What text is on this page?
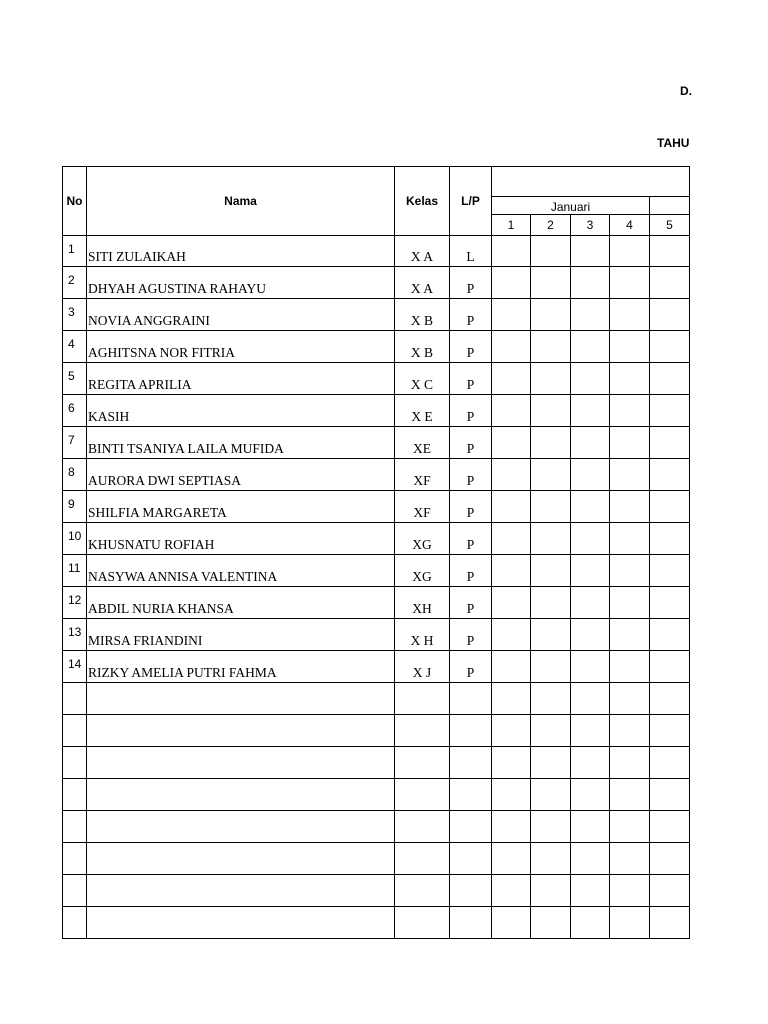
D.
TAHU
No	Nama	Kelas	L/P					
				Januari				
				1	2	3	4	5
1	SITI ZULAIKAH	X A	L					
2	DHYAH AGUSTINA RAHAYU	X A	P					
3	NOVIA ANGGRAINI	X B	P					
4	AGHITSNA NOR FITRIA	X B	P					
5	REGITA APRILIA	X C	P					
6	KASIH	X E	P					
7	BINTI TSANIYA LAILA MUFIDA	XE	P					
8	AURORA DWI SEPTIASA	XF	P					
9	SHILFIA MARGARETA	XF	P					
10	KHUSNATU ROFIAH	XG	P					
11	NASYWA ANNISA VALENTINA	XG	P					
12	ABDIL NURIA KHANSA	XH	P					
13	MIRSA FRIANDINI	X H	P					
14	RIZKY AMELIA PUTRI FAHMA	X J	P					
